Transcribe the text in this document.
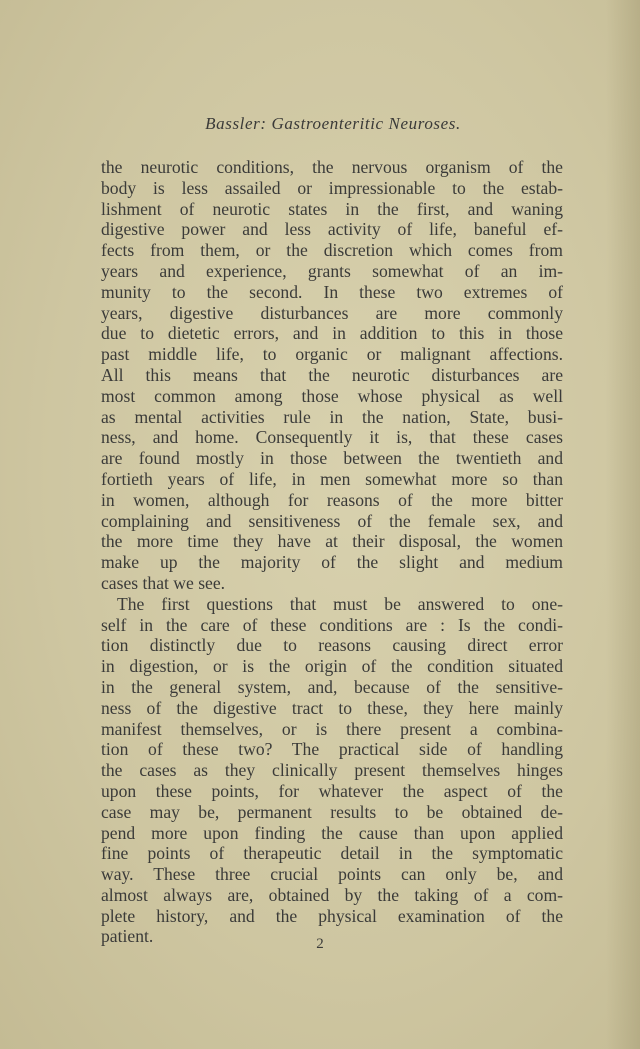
Bassler: Gastroenteritic Neuroses.
the neurotic conditions, the nervous organism of the
body is less assailed or impressionable to the estab-
lishment of neurotic states in the first, and waning
digestive power and less activity of life, baneful ef-
fects from them, or the discretion which comes from
years and experience, grants somewhat of an im-
munity to the second. In these two extremes of
years, digestive disturbances are more commonly
due to dietetic errors, and in addition to this in those
past middle life, to organic or malignant affections.
All this means that the neurotic disturbances are
most common among those whose physical as well
as mental activities rule in the nation, State, busi-
ness, and home. Consequently it is, that these cases
are found mostly in those between the twentieth and
fortieth years of life, in men somewhat more so than
in women, although for reasons of the more bitter
complaining and sensitiveness of the female sex, and
the more time they have at their disposal, the women
make up the majority of the slight and medium
cases that we see.
The first questions that must be answered to one-
self in the care of these conditions are : Is the condi-
tion distinctly due to reasons causing direct error
in digestion, or is the origin of the condition situated
in the general system, and, because of the sensitive-
ness of the digestive tract to these, they here mainly
manifest themselves, or is there present a combina-
tion of these two? The practical side of handling
the cases as they clinically present themselves hinges
upon these points, for whatever the aspect of the
case may be, permanent results to be obtained de-
pend more upon finding the cause than upon applied
fine points of therapeutic detail in the symptomatic
way. These three crucial points can only be, and
almost always are, obtained by the taking of a com-
plete history, and the physical examination of the
patient.	2
